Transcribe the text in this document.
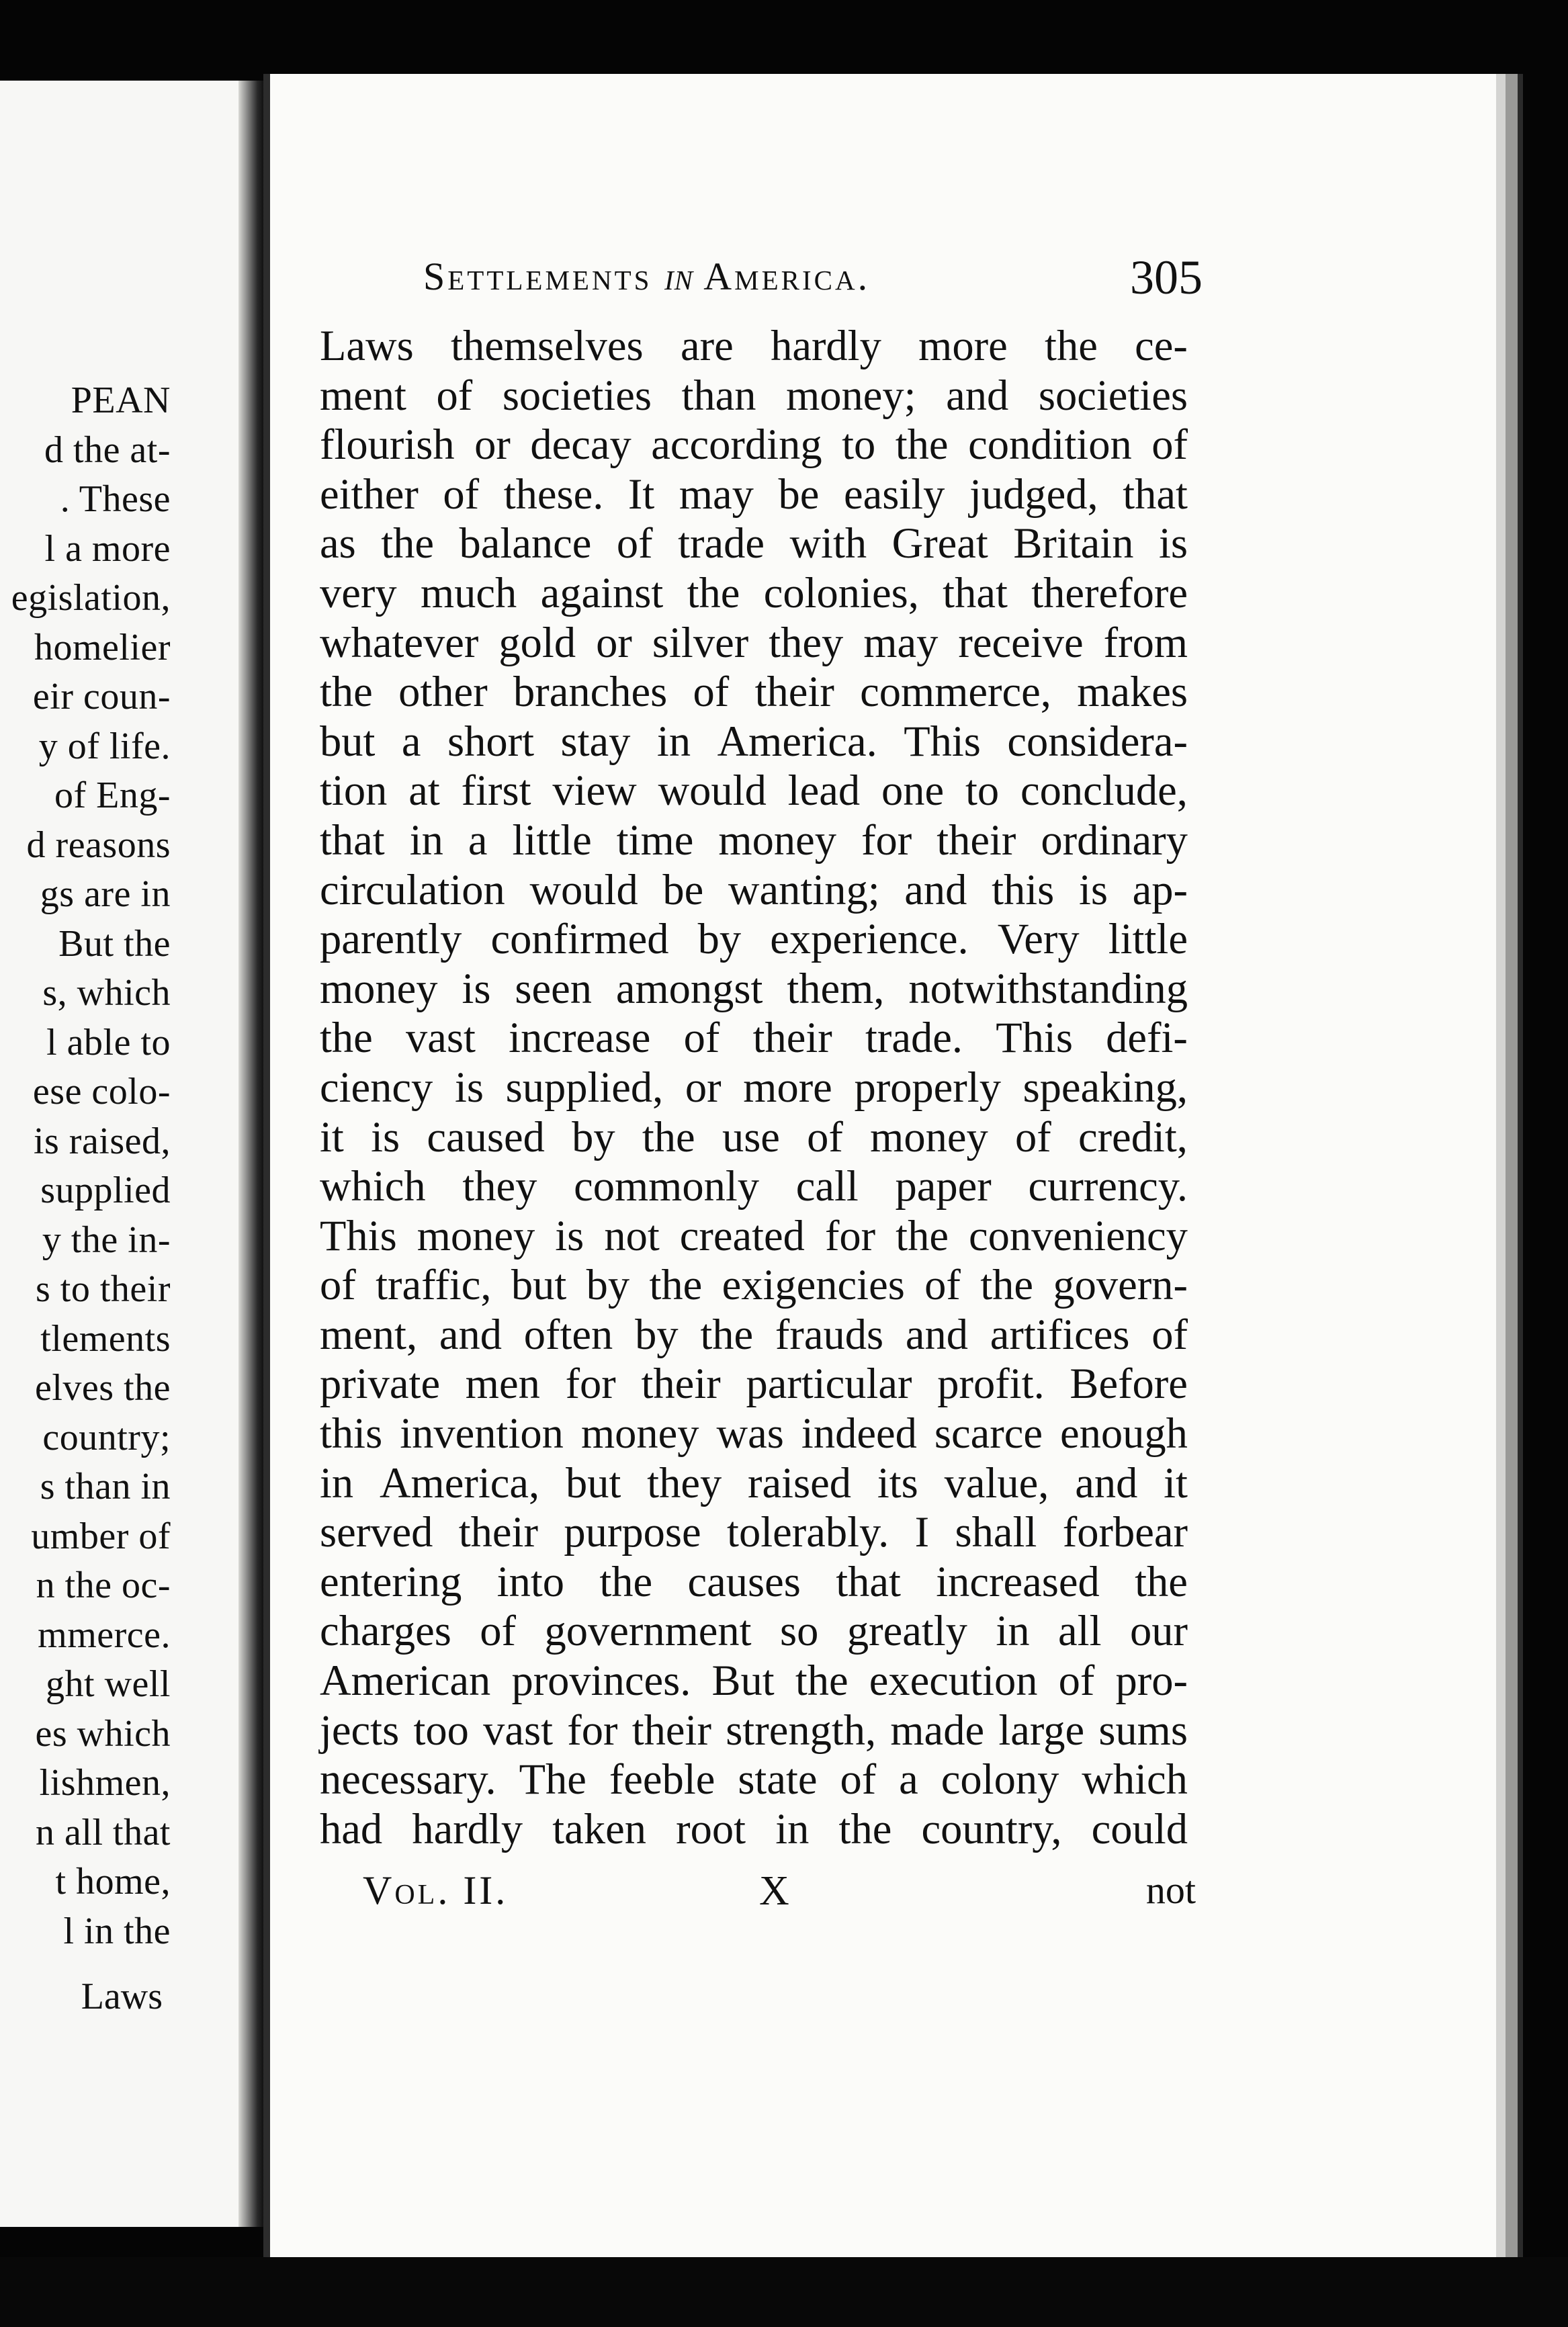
PEAN
d the at-
. These
l a more
egislation,
homelier
eir coun-
y of life.
of Eng-
d reasons
gs are in
But the
s, which
l able to
ese colo-
is raised,
supplied
y the in-
s to their
tlements
elves the
country;
s than in
umber of
n the oc-
mmerce.
ght well
es which
lishmen,
n all that
t home,
l in the
Laws
Settlements in America.	305
Laws themselves are hardly more the ce-
ment of societies than money; and societies
flourish or decay according to the condition of
either of these. It may be easily judged, that
as the balance of trade with Great Britain is
very much against the colonies, that therefore
whatever gold or silver they may receive from
the other branches of their commerce, makes
but a short stay in America. This considera-
tion at first view would lead one to conclude,
that in a little time money for their ordinary
circulation would be wanting; and this is ap-
parently confirmed by experience. Very little
money is seen amongst them, notwithstanding
the vast increase of their trade. This defi-
ciency is supplied, or more properly speaking,
it is caused by the use of money of credit,
which they commonly call paper currency.
This money is not created for the conveniency
of traffic, but by the exigencies of the govern-
ment, and often by the frauds and artifices of
private men for their particular profit. Before
this invention money was indeed scarce enough
in America, but they raised its value, and it
served their purpose tolerably. I shall forbear
entering into the causes that increased the
charges of government so greatly in all our
American provinces. But the execution of pro-
jects too vast for their strength, made large sums
necessary. The feeble state of a colony which
had hardly taken root in the country, could
Vol. II.	X	not
